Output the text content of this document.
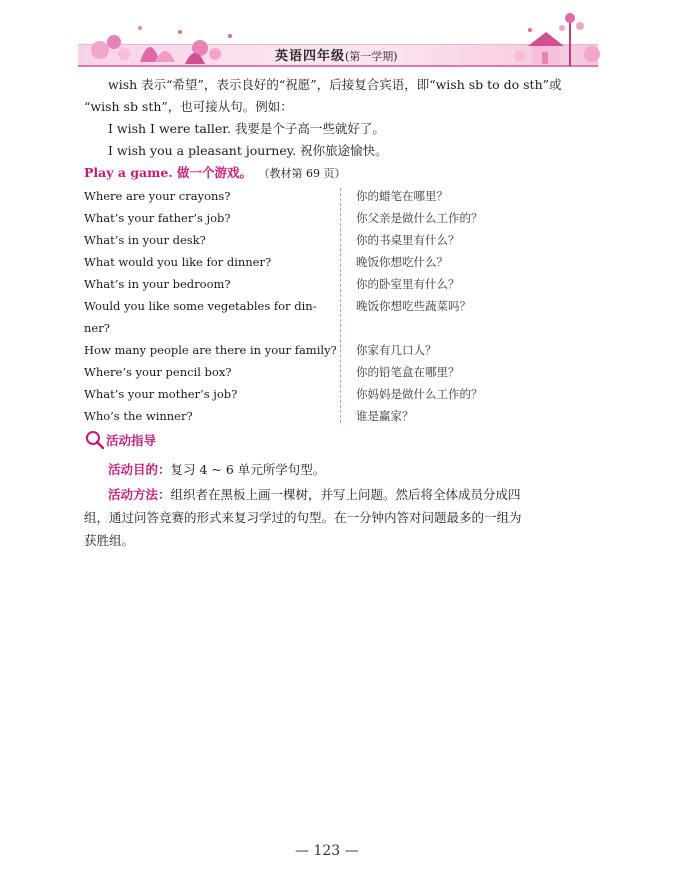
英语四年级(第一学期)
wish 表示“希望”，表示良好的“祝愿”，后接复合宾语，即“wish sb to do sth”或
“wish sb sth”，也可接从句。例如：
I wish I were taller. 我要是个子高一些就好了。
I wish you a pleasant journey. 祝你旅途愉快。
Play a game. 做一个游戏。 （教材第 69 页）
Where are your crayons?
What’s your father’s job?
What’s in your desk?
What would you like for dinner?
What’s in your bedroom?
Would you like some vegetables for din-
ner?
How many people are there in your family?
Where’s your pencil box?
What’s your mother’s job?
Who’s the winner?
你的蜡笔在哪里？
你父亲是做什么工作的？
你的书桌里有什么？
晚饭你想吃什么？
你的卧室里有什么？
晚饭你想吃些蔬菜吗？
你家有几口人？
你的铅笔盒在哪里？
你妈妈是做什么工作的？
谁是赢家？
活动指导
活动目的：复习 4 ~ 6 单元所学句型。
活动方法：组织者在黑板上画一棵树，并写上问题。然后将全体成员分成四
组，通过问答竞赛的形式来复习学过的句型。在一分钟内答对问题最多的一组为
获胜组。
— 123 —
